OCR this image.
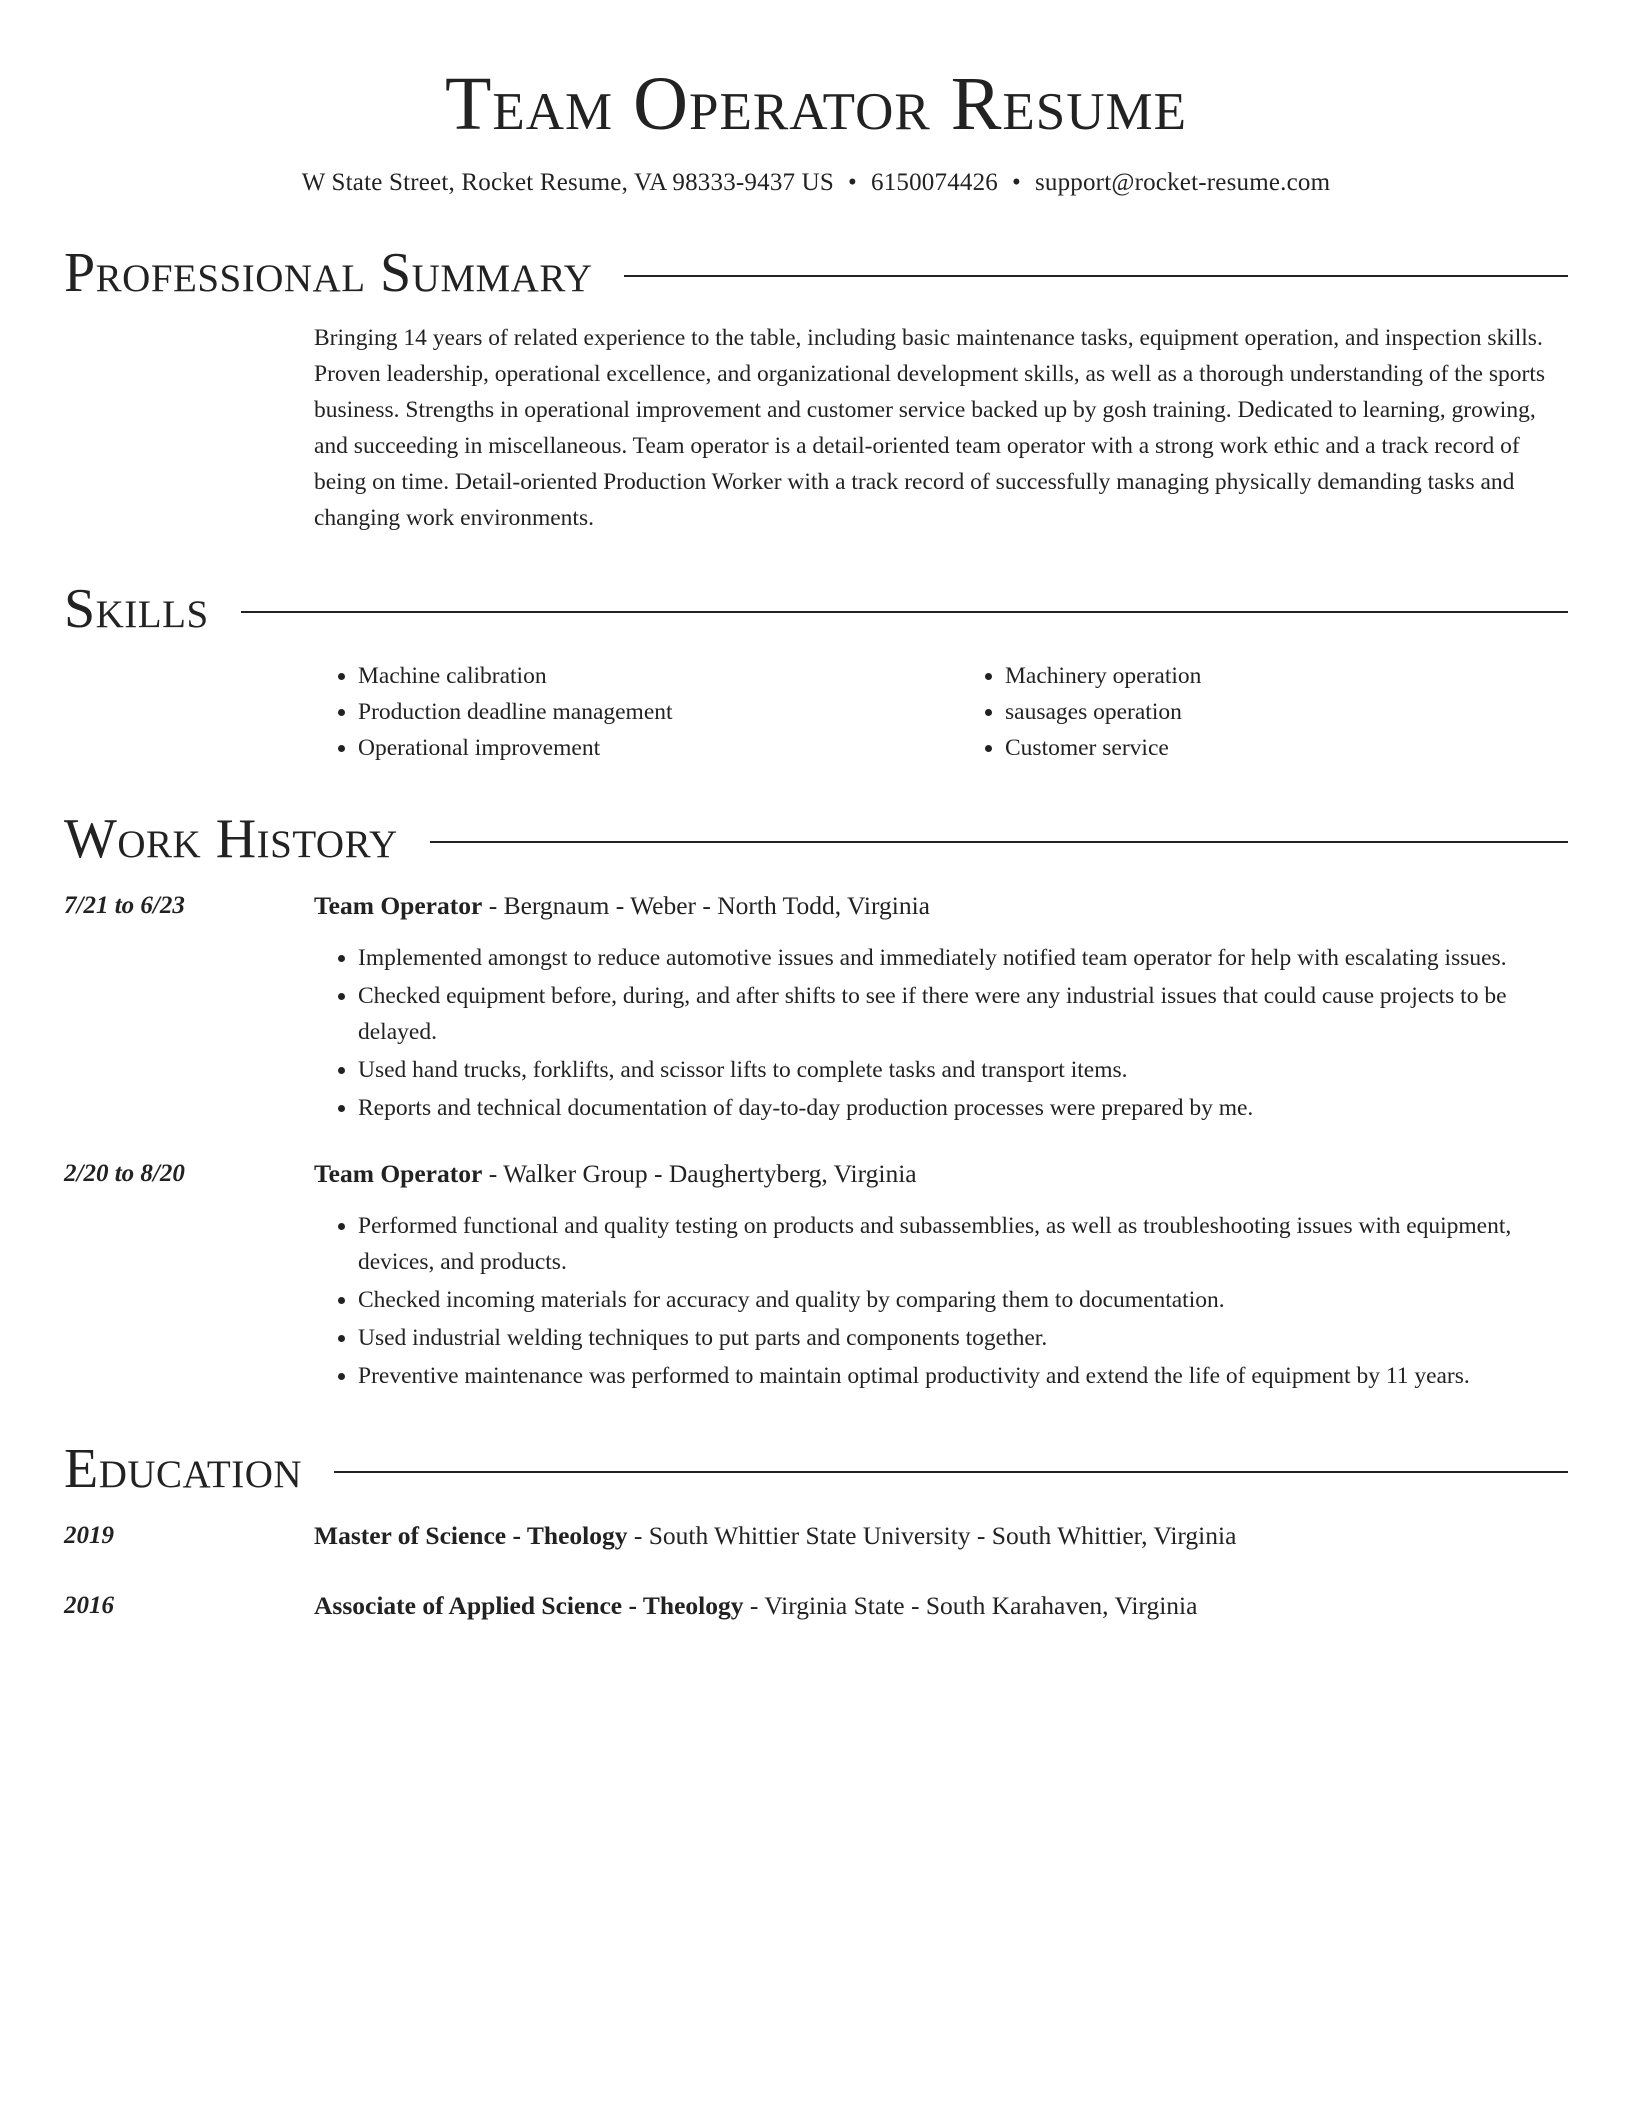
Team Operator Resume
W State Street, Rocket Resume, VA 98333-9437 US • 6150074426 • support@rocket-resume.com
Professional Summary
Bringing 14 years of related experience to the table, including basic maintenance tasks, equipment operation, and inspection skills. Proven leadership, operational excellence, and organizational development skills, as well as a thorough understanding of the sports business. Strengths in operational improvement and customer service backed up by gosh training. Dedicated to learning, growing, and succeeding in miscellaneous. Team operator is a detail-oriented team operator with a strong work ethic and a track record of being on time. Detail-oriented Production Worker with a track record of successfully managing physically demanding tasks and changing work environments.
Skills
• Machine calibration
• Production deadline management
• Operational improvement
• Machinery operation
• sausages operation
• Customer service
Work History
7/21 to 6/23	Team Operator - Bergnaum - Weber - North Todd, Virginia
• Implemented amongst to reduce automotive issues and immediately notified team operator for help with escalating issues.
• Checked equipment before, during, and after shifts to see if there were any industrial issues that could cause projects to be delayed.
• Used hand trucks, forklifts, and scissor lifts to complete tasks and transport items.
• Reports and technical documentation of day-to-day production processes were prepared by me.
2/20 to 8/20	Team Operator - Walker Group - Daughertyberg, Virginia
• Performed functional and quality testing on products and subassemblies, as well as troubleshooting issues with equipment, devices, and products.
• Checked incoming materials for accuracy and quality by comparing them to documentation.
• Used industrial welding techniques to put parts and components together.
• Preventive maintenance was performed to maintain optimal productivity and extend the life of equipment by 11 years.
Education
2019	Master of Science - Theology - South Whittier State University - South Whittier, Virginia
2016	Associate of Applied Science - Theology - Virginia State - South Karahaven, Virginia
